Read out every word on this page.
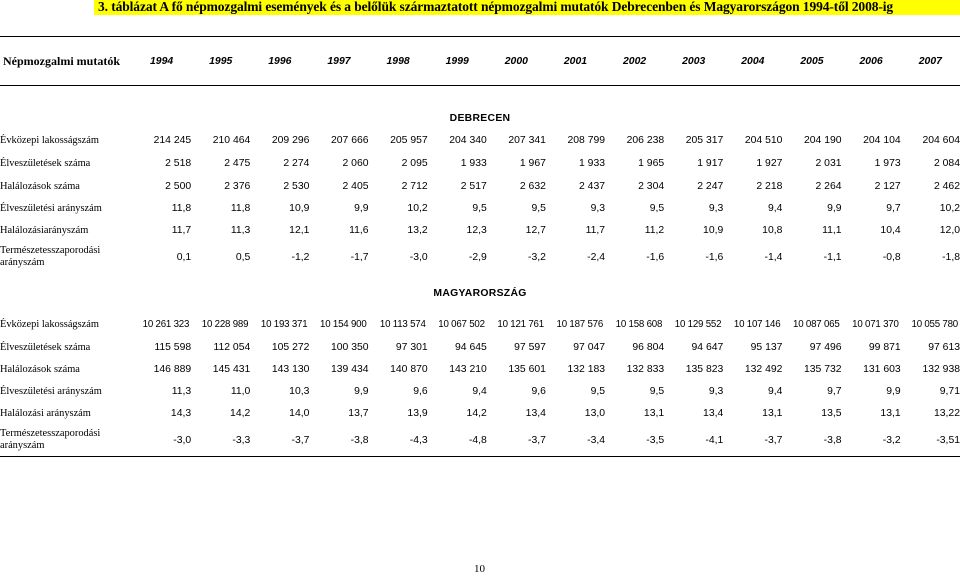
3. táblázat A fő népmozgalmi események és a belőlük származtatott népmozgalmi mutatók Debrecenben és Magyarországon 1994-től 2008-ig
Népmozgalmi mutatók	1994	1995	1996	1997	1998	1999	2000	2001	2002	2003	2004	2005	2006	2007
DEBRECEN														
Évközepi lakosságszám	214 245	210 464	209 296	207 666	205 957	204 340	207 341	208 799	206 238	205 317	204 510	204 190	204 104	204 604
Élveszületések száma	2 518	2 475	2 274	2 060	2 095	1 933	1 967	1 933	1 965	1 917	1 927	2 031	1 973	2 084
Halálozások száma	2 500	2 376	2 530	2 405	2 712	2 517	2 632	2 437	2 304	2 247	2 218	2 264	2 127	2 462
Élveszületési arányszám	11,8	11,8	10,9	9,9	10,2	9,5	9,5	9,3	9,5	9,3	9,4	9,9	9,7	10,2
Halálozásiarányszám	11,7	11,3	12,1	11,6	13,2	12,3	12,7	11,7	11,2	10,9	10,8	11,1	10,4	12,0
Természetesszaporodási arányszám	0,1	0,5	-1,2	-1,7	-3,0	-2,9	-3,2	-2,4	-1,6	-1,6	-1,4	-1,1	-0,8	-1,8
MAGYARORSZÁG														
Évközepi lakosságszám	10 261 323	10 228 989	10 193 371	10 154 900	10 113 574	10 067 502	10 121 761	10 187 576	10 158 608	10 129 552	10 107 146	10 087 065	10 071 370	10 055 780
Élveszületések száma	115 598	112 054	105 272	100 350	97 301	94 645	97 597	97 047	96 804	94 647	95 137	97 496	99 871	97 613
Halálozások száma	146 889	145 431	143 130	139 434	140 870	143 210	135 601	132 183	132 833	135 823	132 492	135 732	131 603	132 938
Élveszületési arányszám	11,3	11,0	10,3	9,9	9,6	9,4	9,6	9,5	9,5	9,3	9,4	9,7	9,9	9,71
Halálozási arányszám	14,3	14,2	14,0	13,7	13,9	14,2	13,4	13,0	13,1	13,4	13,1	13,5	13,1	13,22
Természetesszaporodási arányszám	-3,0	-3,3	-3,7	-3,8	-4,3	-4,8	-3,7	-3,4	-3,5	-4,1	-3,7	-3,8	-3,2	-3,51
10
